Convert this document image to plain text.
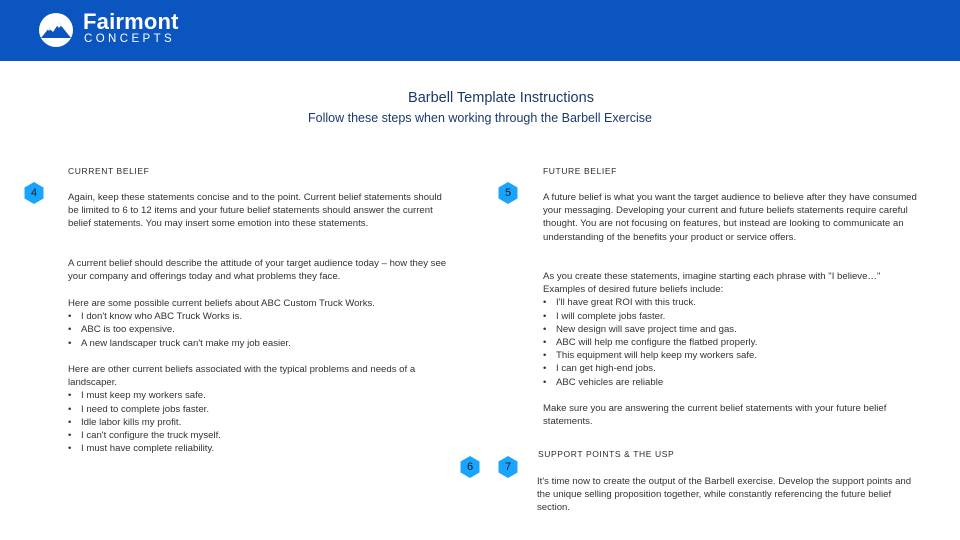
Fairmont
CONCEPTS
Barbell Template Instructions
Follow these steps when working through the Barbell Exercise
CURRENT BELIEF
4	Again, keep these statements concise and to the point. Current belief statements should be limited to 6 to 12 items and your future belief statements should answer the current belief statements. You may insert some emotion into these statements.
A current belief should describe the attitude of your target audience today – how they see your company and offerings today and what problems they face.
Here are some possible current beliefs about ABC Custom Truck Works.
• I don't know who ABC Truck Works is.
• ABC is too expensive.
• A new landscaper truck can't make my job easier.
Here are other current beliefs associated with the typical problems and needs of a landscaper.
• I must keep my workers safe.
• I need to complete jobs faster.
• Idle labor kills my profit.
• I can't configure the truck myself.
• I must have complete reliability.
FUTURE BELIEF
5	A future belief is what you want the target audience to believe after they have consumed your messaging. Developing your current and future beliefs statements require careful thought. You are not focusing on features, but instead are looking to communicate an understanding of the benefits your product or service offers.
As you create these statements, imagine starting each phrase with "I believe…" Examples of desired future beliefs include:
• I'll have great ROI with this truck.
• I will complete jobs faster.
• New design will save project time and gas.
• ABC will help me configure the flatbed properly.
• This equipment will help keep my workers safe.
• I can get high-end jobs.
• ABC vehicles are reliable
Make sure you are answering the current belief statements with your future belief statements.
6	7
SUPPORT POINTS & THE USP
It's time now to create the output of the Barbell exercise. Develop the support points and the unique selling proposition together, while constantly referencing the future belief section.
